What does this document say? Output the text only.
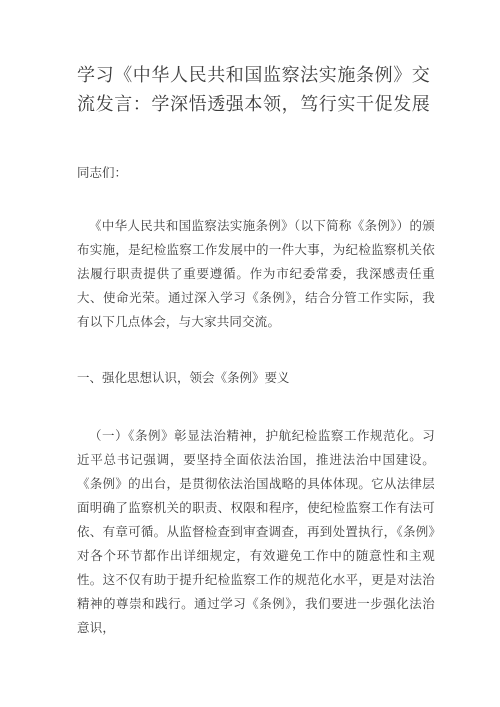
学习《中华人民共和国监察法实施条例》交流发言：学深悟透强本领，笃行实干促发展

同志们：

《中华人民共和国监察法实施条例》（以下简称《条例》）的颁布实施，是纪检监察工作发展中的一件大事，为纪检监察机关依法履行职责提供了重要遵循。作为市纪委常委，我深感责任重大、使命光荣。通过深入学习《条例》，结合分管工作实际，我有以下几点体会，与大家共同交流。

一、强化思想认识，领会《条例》要义

（一）《条例》彰显法治精神，护航纪检监察工作规范化。习近平总书记强调，要坚持全面依法治国，推进法治中国建设。《条例》的出台，是贯彻依法治国战略的具体体现。它从法律层面明确了监察机关的职责、权限和程序，使纪检监察工作有法可依、有章可循。从监督检查到审查调查，再到处置执行，《条例》对各个环节都作出详细规定，有效避免工作中的随意性和主观性。这不仅有助于提升纪检监察工作的规范化水平，更是对法治精神的尊崇和践行。通过学习《条例》，我们要进一步强化法治意识，
